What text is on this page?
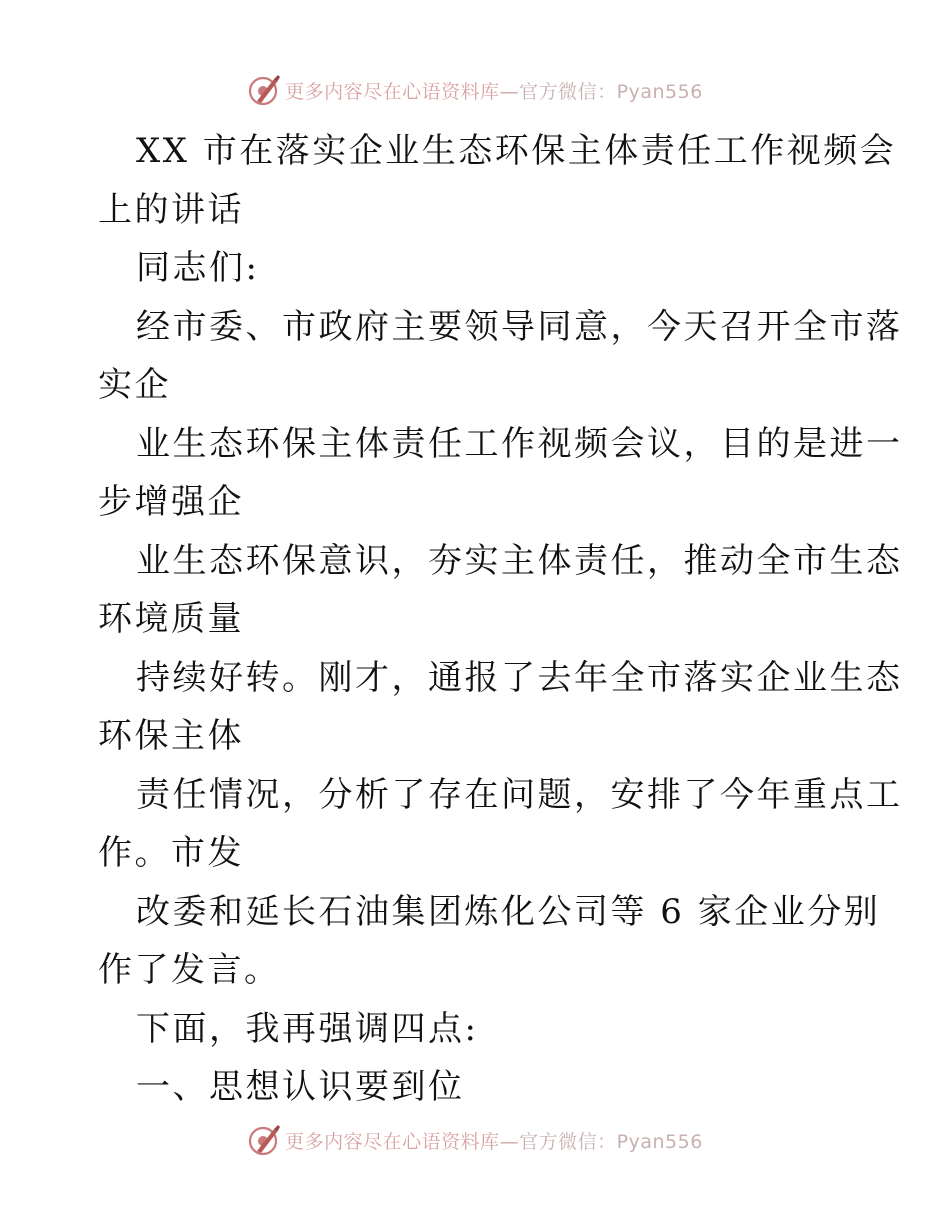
更多内容尽在心语资料库—官方微信：Pyan556
XX 市在落实企业生态环保主体责任工作视频会
上的讲话
同志们:
经市委、市政府主要领导同意，今天召开全市落
实企
业生态环保主体责任工作视频会议，目的是进一
步增强企
业生态环保意识，夯实主体责任，推动全市生态
环境质量
持续好转。刚才，通报了去年全市落实企业生态
环保主体
责任情况，分析了存在问题，安排了今年重点工
作。市发
改委和延长石油集团炼化公司等 6 家企业分别
作了发言。
下面，我再强调四点:
一、思想认识要到位
更多内容尽在心语资料库—官方微信：Pyan556
